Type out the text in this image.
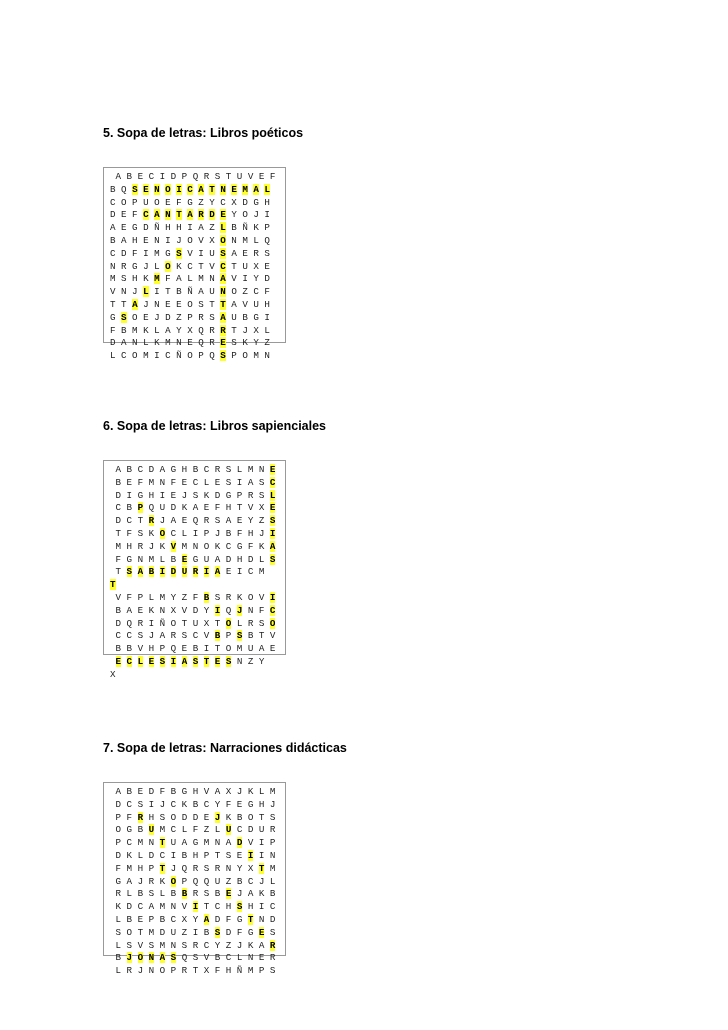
5. Sopa de letras: Libros poéticos
A B E C I D P Q R S T U V E F
B Q S E N O I C A T N E M A L
C O P U O E F G Z Y C X D G H
D E F C A N T A R D E Y O J I
A E G D Ñ H H I A Z L B Ñ K P
B A H E N I J O V X O N M L Q
C D F I M G S V I U S A E R S
N R G J L O K C T V C T U X E
M S H K M F A L M N A V I Y D
V N J L I T B Ñ A U N O Z C F
T T A J N E E O S T T A V U H
G S O E J D Z P R S A U B G I
F B M K L A Y X Q R R T J X L
D A N L K M N E Q R E S K Y Z
L C O M I C Ñ O P Q S P O M N
6. Sopa de letras: Libros sapienciales
A B C D A G H B C R S L M N E
B E F M N F E C L E S I A S C
D I G H I E J S K D G P R S L
C B P Q U D K A E F H T V X E
D C T R J A E Q R S A E Y Z S
T F S K O C L I P J B F H J I
M H R J K V M N O K C G F K A
F G N M L B E G U A D H D L S
T S A B I D U R I A E I C M
T
V F P L M Y Z F B S R K O V I
B A E K N X V D Y I Q J N F C
D Q R I Ñ O T U X T O L R S O
C C S J A R S C V B P S B T V
B B V H P Q E B I T O M U A E
E C L E S I A S T E S N Z Y
X
7. Sopa de letras: Narraciones didácticas
A B E D F B G H V A X J K L M
D C S I J C K B C Y F E G H J
P F R H S O D D E J K B O T S
O G B U M C L F Z L U C D U R
P C M N T U A G M N A D V I P
D K L D C I B H P T S E I I N
F M H P T J Q R S R N Y X T M
G A J R K O P Q Q U Z B C J L
R L B S L B B R S B E J A K B
K D C A M N V I T C H S H I C
L B E P B C X Y A D F G T N D
S O T M D U Z I B S D F G E S
L S V S M N S R C Y Z J K A R
B J O N A S Q S V B C L N E R
L R J N O P R T X F H Ñ M P S
